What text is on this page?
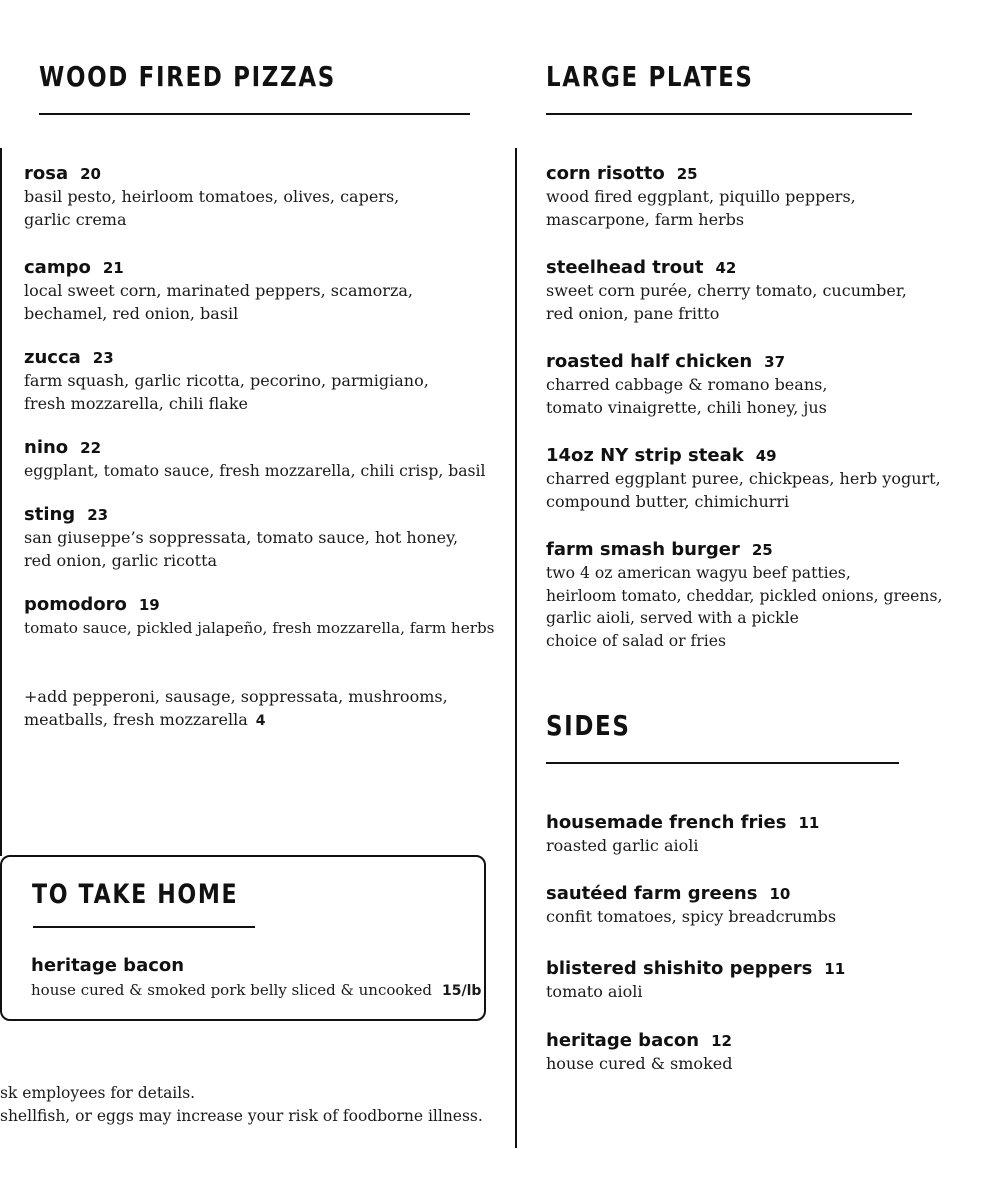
WOOD FIRED PIZZAS
rosa 20
basil pesto, heirloom tomatoes, olives, capers,
garlic crema
campo 21
local sweet corn, marinated peppers, scamorza,
bechamel, red onion, basil
zucca 23
farm squash, garlic ricotta, pecorino, parmigiano,
fresh mozzarella, chili flake
nino 22
eggplant, tomato sauce, fresh mozzarella, chili crisp, basil
sting 23
san giuseppe’s soppressata, tomato sauce, hot honey,
red onion, garlic ricotta
pomodoro 19
tomato sauce, pickled jalapeño, fresh mozzarella, farm herbs

+add pepperoni, sausage, soppressata, mushrooms,
meatballs, fresh mozzarella 4

TO TAKE HOME
heritage bacon
house cured & smoked pork belly sliced & uncooked 15/lb
sk employees for details.
shellfish, or eggs may increase your risk of foodborne illness.
LARGE PLATES
corn risotto 25
wood fired eggplant, piquillo peppers,
mascarpone, farm herbs
steelhead trout 42
sweet corn purée, cherry tomato, cucumber,
red onion, pane fritto
roasted half chicken 37
charred cabbage & romano beans,
tomato vinaigrette, chili honey, jus
14oz NY strip steak 49
charred eggplant puree, chickpeas, herb yogurt,
compound butter, chimichurri
farm smash burger 25
two 4 oz american wagyu beef patties,
heirloom tomato, cheddar, pickled onions, greens,
garlic aioli, served with a pickle
choice of salad or fries
SIDES
housemade french fries 11
roasted garlic aioli
sautéed farm greens 10
confit tomatoes, spicy breadcrumbs
blistered shishito peppers 11
tomato aioli
heritage bacon 12
house cured & smoked
